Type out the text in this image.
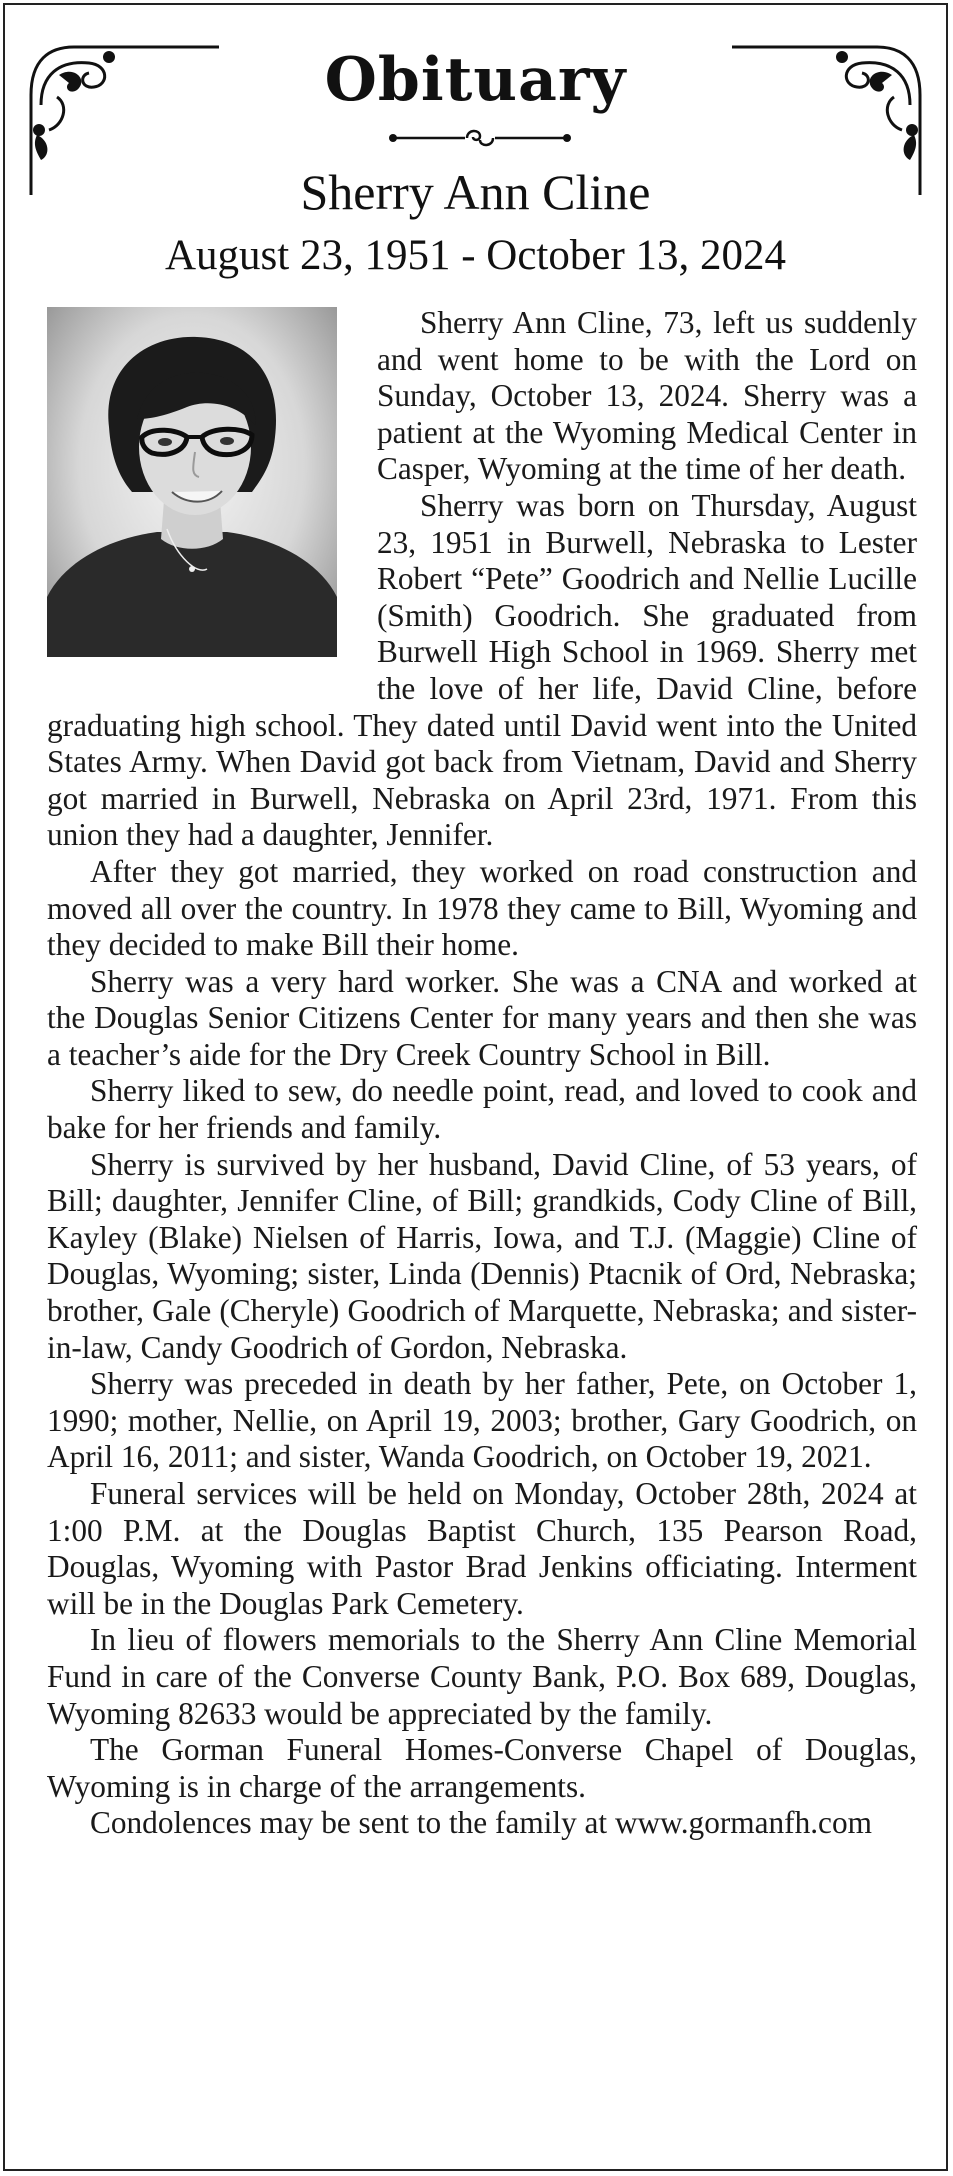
Obituary
Sherry Ann Cline
August 23, 1951 - October 13, 2024

Sherry Ann Cline, 73, left us suddenly and went home to be with the Lord on Sunday, October 13, 2024. Sherry was a patient at the Wyoming Medical Center in Casper, Wyoming at the time of her death.

Sherry was born on Thursday, August 23, 1951 in Burwell, Nebraska to Lester Robert “Pete” Goodrich and Nellie Lucille (Smith) Goodrich. She graduated from Burwell High School in 1969. Sherry met the love of her life, David Cline, before graduating high school. They dated until David went into the United States Army. When David got back from Vietnam, David and Sherry got married in Burwell, Nebraska on April 23rd, 1971. From this union they had a daughter, Jennifer.

After they got married, they worked on road construction and moved all over the country. In 1978 they came to Bill, Wyoming and they decided to make Bill their home.

Sherry was a very hard worker. She was a CNA and worked at the Douglas Senior Citizens Center for many years and then she was a teacher’s aide for the Dry Creek Country School in Bill.

Sherry liked to sew, do needle point, read, and loved to cook and bake for her friends and family.

Sherry is survived by her husband, David Cline, of 53 years, of Bill; daughter, Jennifer Cline, of Bill; grandkids, Cody Cline of Bill, Kayley (Blake) Nielsen of Harris, Iowa, and T.J. (Maggie) Cline of Douglas, Wyoming; sister, Linda (Dennis) Ptacnik of Ord, Nebraska; brother, Gale (Cheryle) Goodrich of Marquette, Nebraska; and sister-in-law, Candy Goodrich of Gordon, Nebraska.

Sherry was preceded in death by her father, Pete, on October 1, 1990; mother, Nellie, on April 19, 2003; brother, Gary Goodrich, on April 16, 2011; and sister, Wanda Goodrich, on October 19, 2021.

Funeral services will be held on Monday, October 28th, 2024 at 1:00 P.M. at the Douglas Baptist Church, 135 Pearson Road, Douglas, Wyoming with Pastor Brad Jenkins officiating. Interment will be in the Douglas Park Cemetery.

In lieu of flowers memorials to the Sherry Ann Cline Memorial Fund in care of the Converse County Bank, P.O. Box 689, Douglas, Wyoming 82633 would be appreciated by the family.

The Gorman Funeral Homes-Converse Chapel of Douglas, Wyoming is in charge of the arrangements.

Condolences may be sent to the family at www.gormanfh.com
